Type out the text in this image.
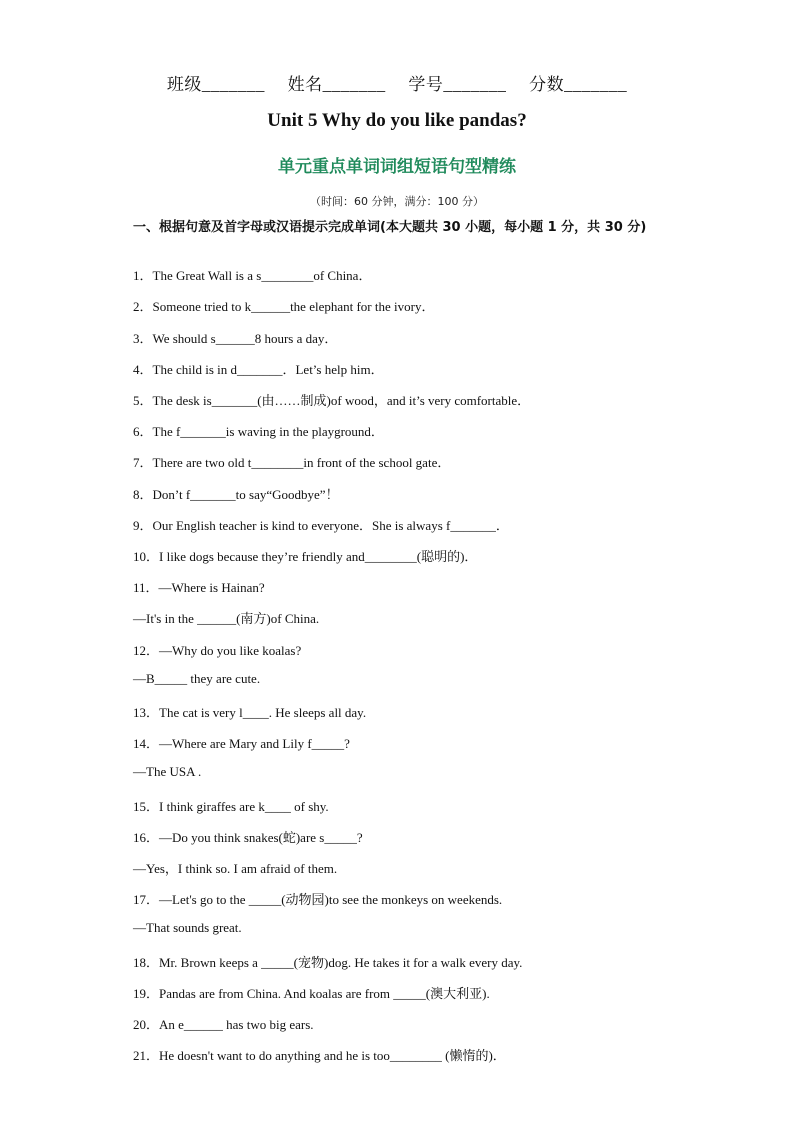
班级_______ 姓名_______ 学号_______ 分数_______
Unit 5 Why do you like pandas?
单元重点单词词组短语句型精练
（时间：60 分钟，满分：100 分）
一、根据句意及首字母或汉语提示完成单词(本大题共 30 小题，每小题 1 分，共 30 分)
1．The Great Wall is a s________of China．
2．Someone tried to k______the elephant for the ivory．
3．We should s______8 hours a day．
4．The child is in d_______．Let’s help him．
5．The desk is_______(由……制成)of wood，and it’s very comfortable．
6．The f_______is waving in the playground．
7．There are two old t________in front of the school gate．
8．Don’t f_______to say“Goodbye”！
9．Our English teacher is kind to everyone．She is always f_______．
10．I like dogs because they’re friendly and________(聪明的)．
11．—Where is Hainan?
—It's in the ______(南方)of China.
12．—Why do you like koalas?
—B_____ they are cute.
13．The cat is very l____. He sleeps all day.
14．—Where are Mary and Lily f_____?
—The USA .
15．I think giraffes are k____ of shy.
16．—Do you think snakes(蛇)are s_____?
—Yes，I think so. I am afraid of them.
17．—Let's go to the _____(动物园)to see the monkeys on weekends.
—That sounds great.
18．Mr. Brown keeps a _____(宠物)dog. He takes it for a walk every day.
19．Pandas are from China. And koalas are from _____(澳大利亚).
20．An e______ has two big ears.
21．He doesn't want to do anything and he is too________ (懒惰的)．
